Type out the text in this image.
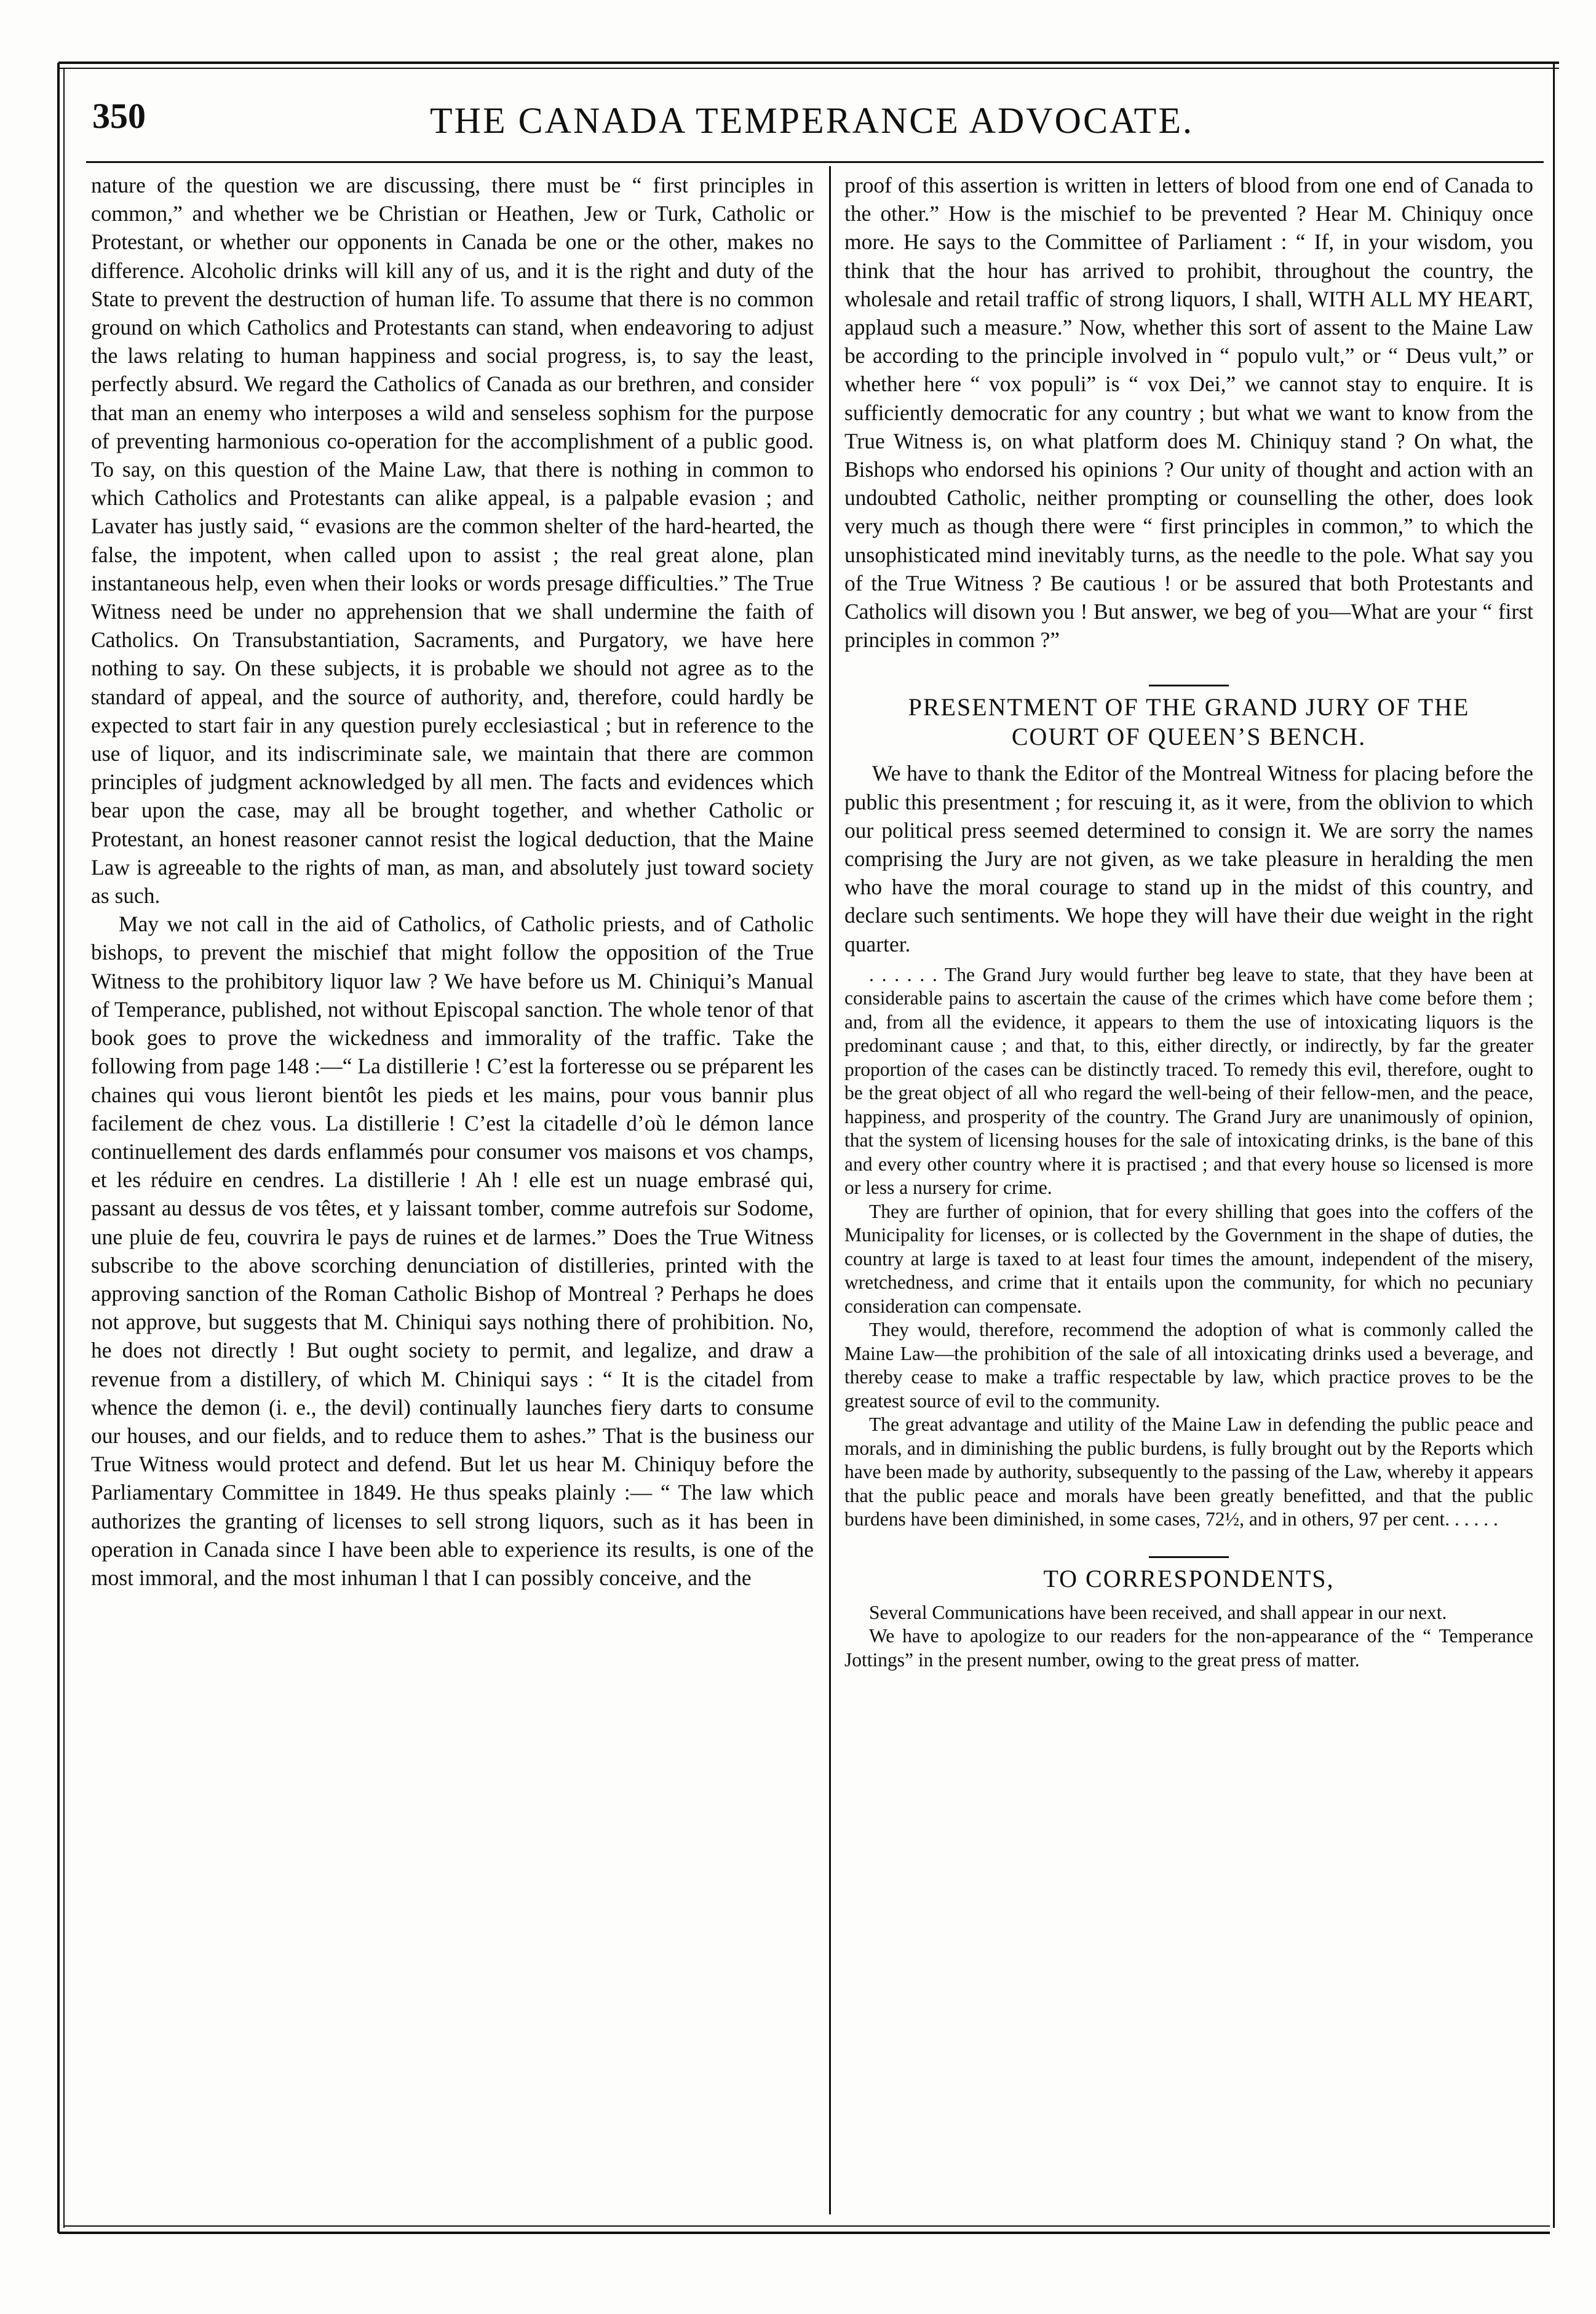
350	THE CANADA TEMPERANCE ADVOCATE.

nature of the question we are discussing, there must be “ first principles in common,” and whether we be Christian or Heathen, Jew or Turk, Catholic or Protestant, or whether our opponents in Canada be one or the other, makes no difference. Alcoholic drinks will kill any of us, and it is the right and duty of the State to prevent the destruction of human life. To assume that there is no common ground on which Catholics and Protestants can stand, when endeavoring to adjust the laws relating to human happiness and social progress, is, to say the least, perfectly absurd. We regard the Catholics of Canada as our brethren, and consider that man an enemy who interposes a wild and senseless sophism for the purpose of preventing harmonious co-operation for the accomplishment of a public good. To say, on this question of the Maine Law, that there is nothing in common to which Catholics and Protestants can alike appeal, is a palpable evasion ; and Lavater has justly said, “ evasions are the common shelter of the hard-hearted, the false, the impotent, when called upon to assist ; the real great alone, plan instantaneous help, even when their looks or words presage difficulties.” The True Witness need be under no apprehension that we shall undermine the faith of Catholics. On Transubstantiation, Sacraments, and Purgatory, we have here nothing to say. On these subjects, it is probable we should not agree as to the standard of appeal, and the source of authority, and, therefore, could hardly be expected to start fair in any question purely ecclesiastical ; but in reference to the use of liquor, and its indiscriminate sale, we maintain that there are common principles of judgment acknowledged by all men. The facts and evidences which bear upon the case, may all be brought together, and whether Catholic or Protestant, an honest reasoner cannot resist the logical deduction, that the Maine Law is agreeable to the rights of man, as man, and absolutely just toward society as such.

May we not call in the aid of Catholics, of Catholic priests, and of Catholic bishops, to prevent the mischief that might follow the opposition of the True Witness to the prohibitory liquor law ? We have before us M. Chiniqui’s Manual of Temperance, published, not without Episcopal sanction. The whole tenor of that book goes to prove the wickedness and immorality of the traffic. Take the following from page 148 :—“ La distillerie ! C’est la forteresse ou se préparent les chaines qui vous lieront bientôt les pieds et les mains, pour vous bannir plus facilement de chez vous. La distillerie ! C’est la citadelle d’où le démon lance continuellement des dards enflammés pour consumer vos maisons et vos champs, et les réduire en cendres. La distillerie ! Ah ! elle est un nuage embrasé qui, passant au dessus de vos têtes, et y laissant tomber, comme autrefois sur Sodome, une pluie de feu, couvrira le pays de ruines et de larmes.” Does the True Witness subscribe to the above scorching denunciation of distilleries, printed with the approving sanction of the Roman Catholic Bishop of Montreal ? Perhaps he does not approve, but suggests that M. Chiniqui says nothing there of prohibition. No, he does not directly ! But ought society to permit, and legalize, and draw a revenue from a distillery, of which M. Chiniqui says : “ It is the citadel from whence the demon (i. e., the devil) continually launches fiery darts to consume our houses, and our fields, and to reduce them to ashes.” That is the business our True Witness would protect and defend. But let us hear M. Chiniquy before the Parliamentary Committee in 1849. He thus speaks plainly :— “ The law which authorizes the granting of licenses to sell strong liquors, such as it has been in operation in Canada since I have been able to experience its results, is one of the most immoral, and the most inhuman l that I can possibly conceive, and the

proof of this assertion is written in letters of blood from one end of Canada to the other.” How is the mischief to be prevented ? Hear M. Chiniquy once more. He says to the Committee of Parliament : “ If, in your wisdom, you think that the hour has arrived to prohibit, throughout the country, the wholesale and retail traffic of strong liquors, I shall, WITH ALL MY HEART, applaud such a measure.” Now, whether this sort of assent to the Maine Law be according to the principle involved in “ populo vult,” or “ Deus vult,” or whether here “ vox populi” is “ vox Dei,” we cannot stay to enquire. It is sufficiently democratic for any country ; but what we want to know from the True Witness is, on what platform does M. Chiniquy stand ? On what, the Bishops who endorsed his opinions ? Our unity of thought and action with an undoubted Catholic, neither prompting or counselling the other, does look very much as though there were “ first principles in common,” to which the unsophisticated mind inevitably turns, as the needle to the pole. What say you of the True Witness ? Be cautious ! or be assured that both Protestants and Catholics will disown you ! But answer, we beg of you—What are your “ first principles in common ?”

PRESENTMENT OF THE GRAND JURY OF THE
COURT OF QUEEN’S BENCH.

We have to thank the Editor of the Montreal Witness for placing before the public this presentment ; for rescuing it, as it were, from the oblivion to which our political press seemed determined to consign it. We are sorry the names comprising the Jury are not given, as we take pleasure in heralding the men who have the moral courage to stand up in the midst of this country, and declare such sentiments. We hope they will have their due weight in the right quarter.

. . . . . . The Grand Jury would further beg leave to state, that they have been at considerable pains to ascertain the cause of the crimes which have come before them ; and, from all the evidence, it appears to them the use of intoxicating liquors is the predominant cause ; and that, to this, either directly, or indirectly, by far the greater proportion of the cases can be distinctly traced. To remedy this evil, therefore, ought to be the great object of all who regard the well-being of their fellow-men, and the peace, happiness, and prosperity of the country. The Grand Jury are unanimously of opinion, that the system of licensing houses for the sale of intoxicating drinks, is the bane of this and every other country where it is practised ; and that every house so licensed is more or less a nursery for crime.

They are further of opinion, that for every shilling that goes into the coffers of the Municipality for licenses, or is collected by the Government in the shape of duties, the country at large is taxed to at least four times the amount, independent of the misery, wretchedness, and crime that it entails upon the community, for which no pecuniary consideration can compensate.

They would, therefore, recommend the adoption of what is commonly called the Maine Law—the prohibition of the sale of all intoxicating drinks used a beverage, and thereby cease to make a traffic respectable by law, which practice proves to be the greatest source of evil to the community.

The great advantage and utility of the Maine Law in defending the public peace and morals, and in diminishing the public burdens, is fully brought out by the Reports which have been made by authority, subsequently to the passing of the Law, whereby it appears that the public peace and morals have been greatly benefitted, and that the public burdens have been diminished, in some cases, 72½, and in others, 97 per cent. . . . . .

TO CORRESPONDENTS,

Several Communications have been received, and shall appear in our next.

We have to apologize to our readers for the non-appearance of the “ Temperance Jottings” in the present number, owing to the great press of matter.
